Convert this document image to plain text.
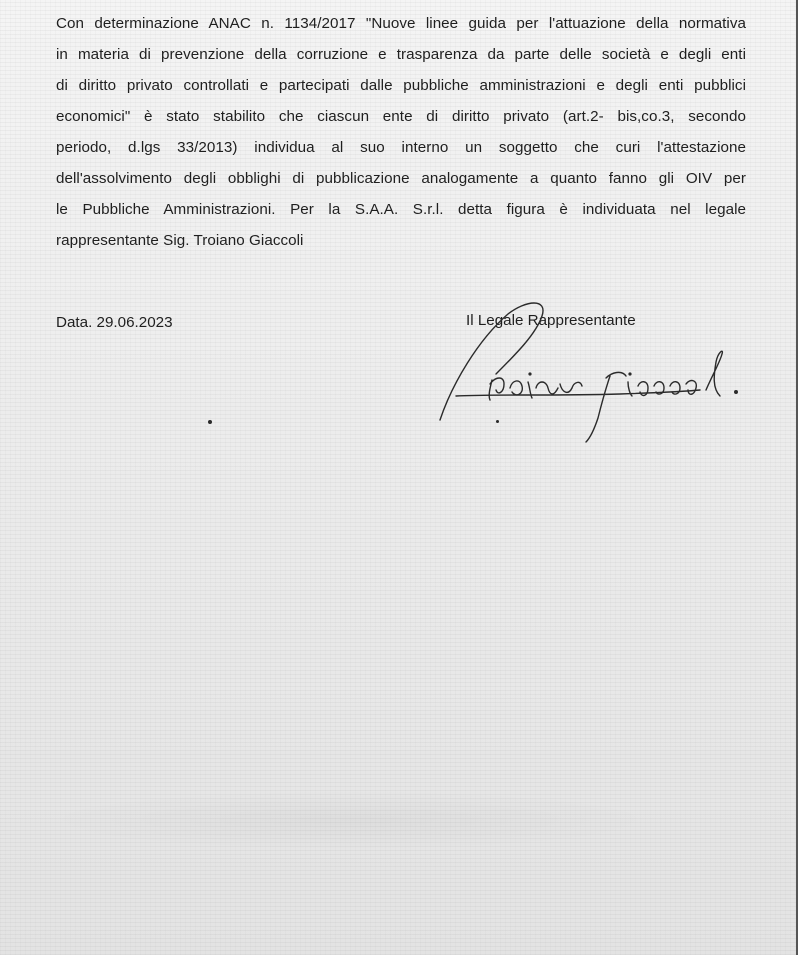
Con determinazione ANAC n. 1134/2017 "Nuove linee guida per l'attuazione della normativa
in materia di prevenzione della corruzione e trasparenza da parte delle società e degli enti
di diritto privato controllati e partecipati dalle pubbliche amministrazioni e degli enti pubblici
economici" è stato stabilito che ciascun ente di diritto privato (art.2- bis,co.3, secondo
periodo, d.lgs 33/2013) individua al suo interno un soggetto che curi l'attestazione
dell'assolvimento degli obblighi di pubblicazione analogamente a quanto fanno gli OIV per
le Pubbliche Amministrazioni. Per la S.A.A. S.r.l. detta figura è individuata nel legale
rappresentante Sig. Troiano Giaccoli
Data. 29.06.2023	Il Legale Rappresentante
